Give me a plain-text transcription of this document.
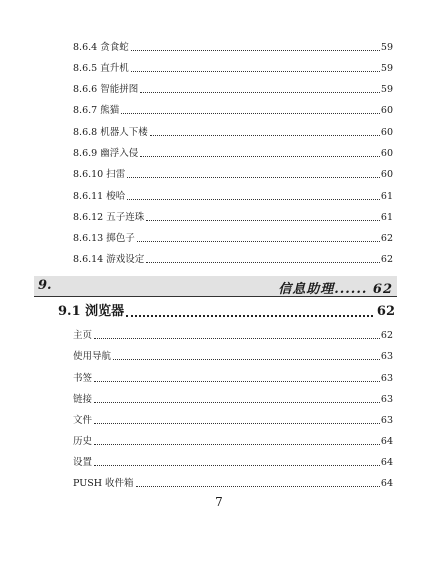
8.6.4 贪食蛇	59
8.6.5 直升机	59
8.6.6 智能拼图	59
8.6.7 熊猫	60
8.6.8 机器人下楼	60
8.6.9 幽浮入侵	60
8.6.10 扫雷	60
8.6.11 梭哈	61
8.6.12 五子连珠	61
8.6.13 掷色子	62
8.6.14 游戏设定	62
9.	信息助理...... 62
9.1 浏览器	62
主页	62
使用导航	63
书签	63
链接	63
文件	63
历史	64
设置	64
PUSH 收件箱	64
7
